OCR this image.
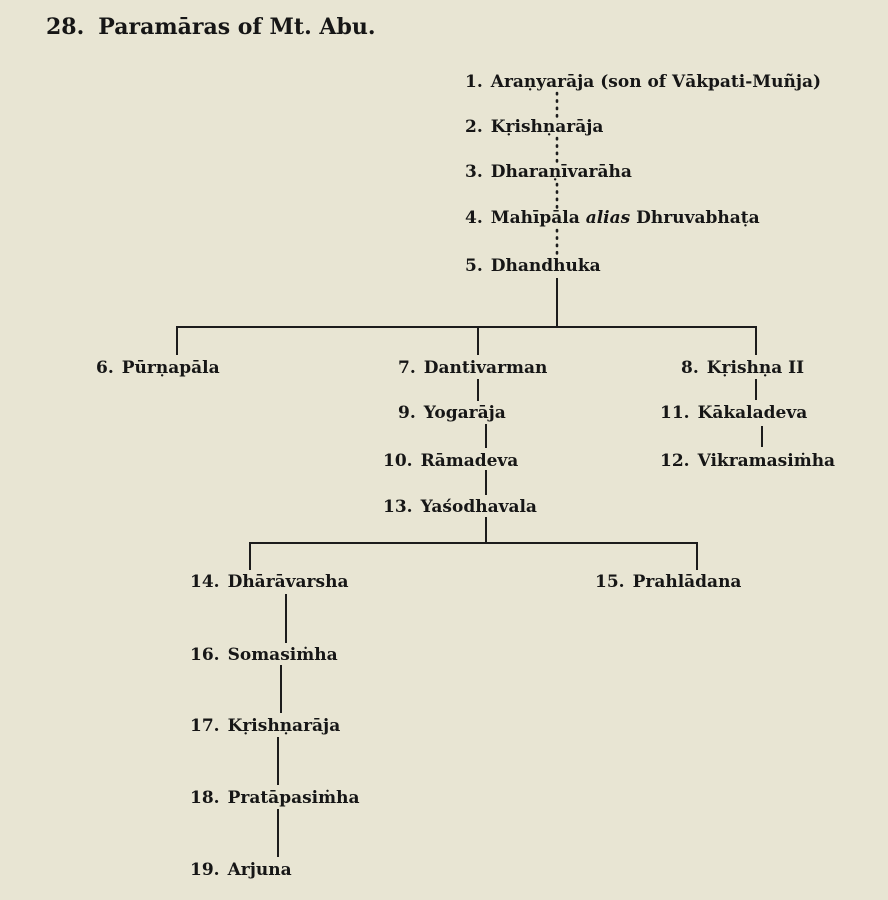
28. Paramāras of Mt. Abu.
1. Araṇyarāja (son of Vākpati-Muñja)
2. Kṛishṇarāja
3. Dharaṇīvarāha
4. Mahīpāla alias Dhruvabhaṭa
5. Dhandhuka
6. Pūrṇapāla	7. Dantivarman	8. Kṛishṇa II
9. Yogarāja
10. Rāmadeva
11. Kākaladeva
12. Vikramasiṁha
13. Yaśodhavala
14. Dhārāvarsha	15. Prahlādana
16. Somasiṁha
17. Kṛishṇarāja
18. Pratāpasiṁha
19. Arjuna
